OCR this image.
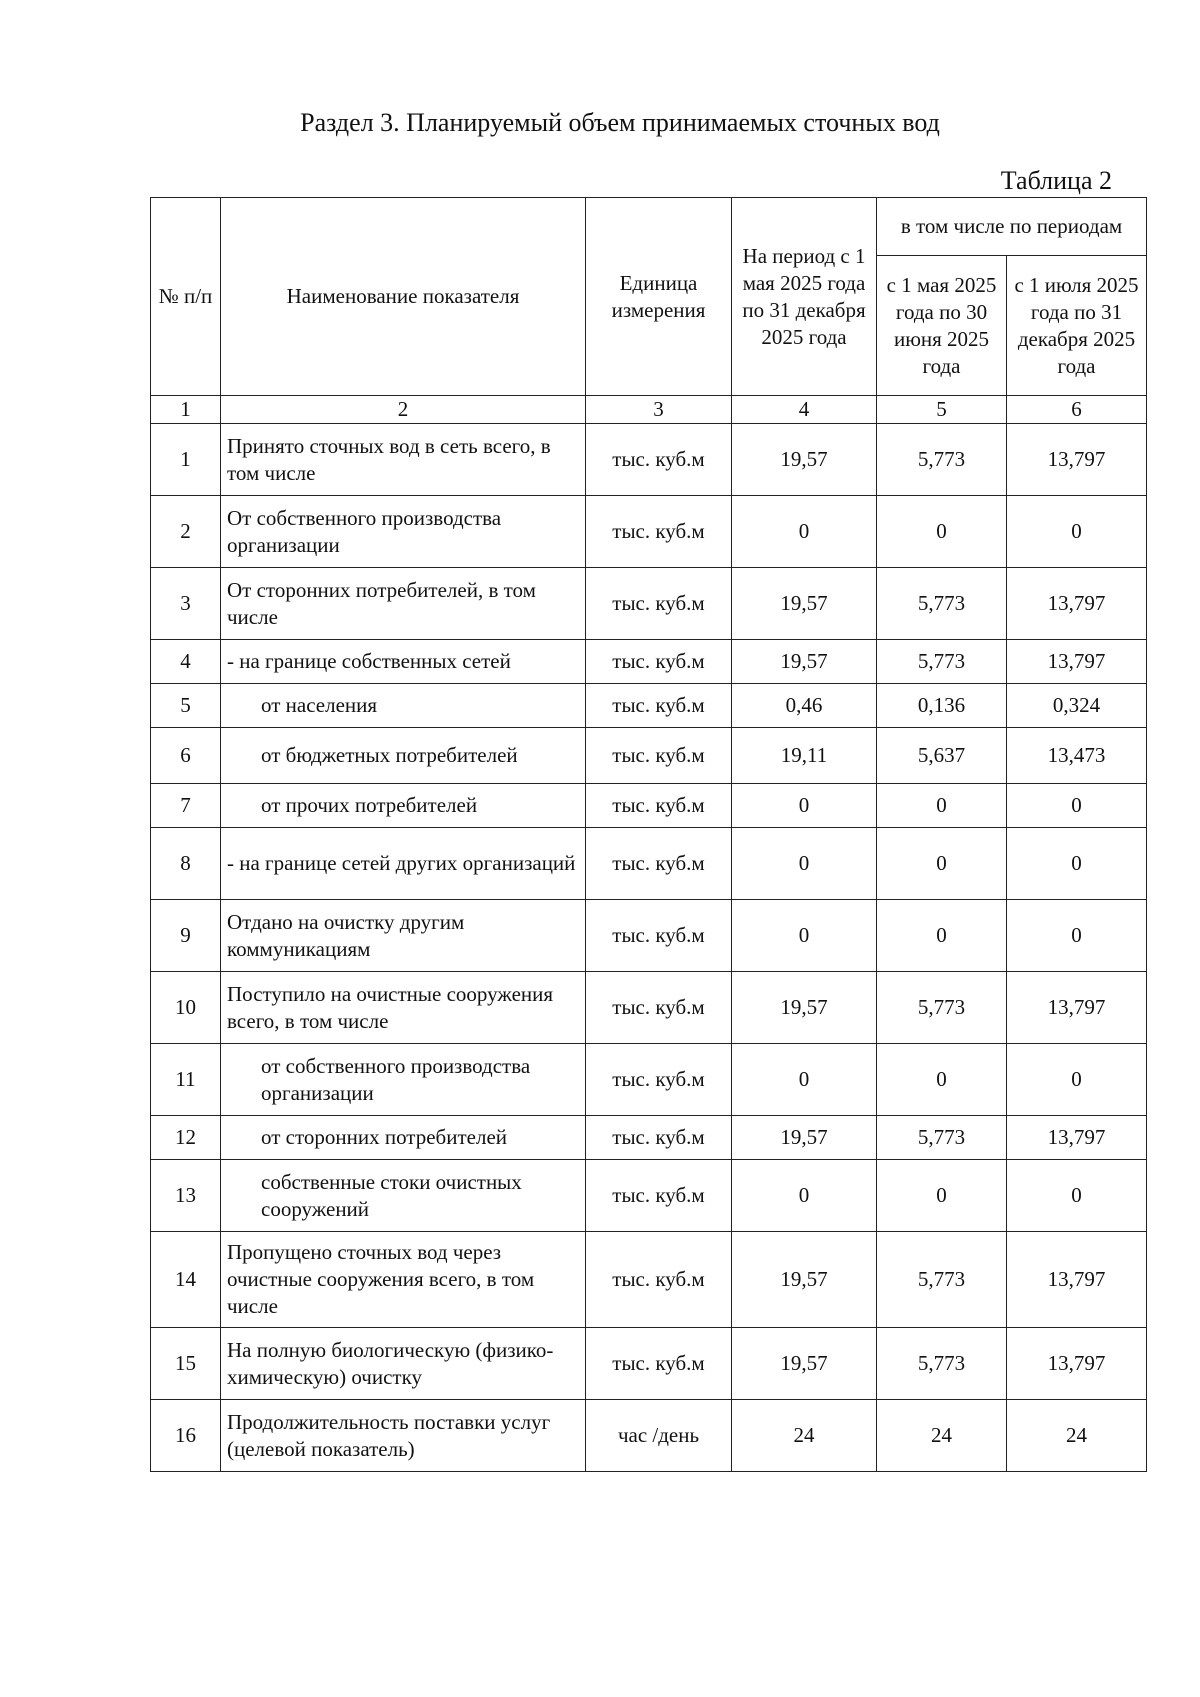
Раздел 3. Планируемый объем принимаемых сточных вод
Таблица 2
№ п/п	Наименование показателя	Единица измерения	На период с 1 мая 2025 года по 31 декабря 2025 года	в том числе по периодам	
				с 1 мая 2025 года по 30 июня 2025 года	с 1 июля 2025 года по 31 декабря 2025 года
1	2	3	4	5	6
1	Принято сточных вод в сеть всего, в том числе	тыс. куб.м	19,57	5,773	13,797
2	От собственного производства организации	тыс. куб.м	0	0	0
3	От сторонних потребителей, в том числе	тыс. куб.м	19,57	5,773	13,797
4	- на границе собственных сетей	тыс. куб.м	19,57	5,773	13,797
5	от населения	тыс. куб.м	0,46	0,136	0,324
6	от бюджетных потребителей	тыс. куб.м	19,11	5,637	13,473
7	от прочих потребителей	тыс. куб.м	0	0	0
8	- на границе сетей других организаций	тыс. куб.м	0	0	0
9	Отдано на очистку другим коммуникациям	тыс. куб.м	0	0	0
10	Поступило на очистные сооружения всего, в том числе	тыс. куб.м	19,57	5,773	13,797
11	от собственного производства организации	тыс. куб.м	0	0	0
12	от сторонних потребителей	тыс. куб.м	19,57	5,773	13,797
13	собственные стоки очистных сооружений	тыс. куб.м	0	0	0
14	Пропущено сточных вод через очистные сооружения всего, в том числе	тыс. куб.м	19,57	5,773	13,797
15	На полную биологическую (физико-химическую) очистку	тыс. куб.м	19,57	5,773	13,797
16	Продолжительность поставки услуг (целевой показатель)	час /день	24	24	24
